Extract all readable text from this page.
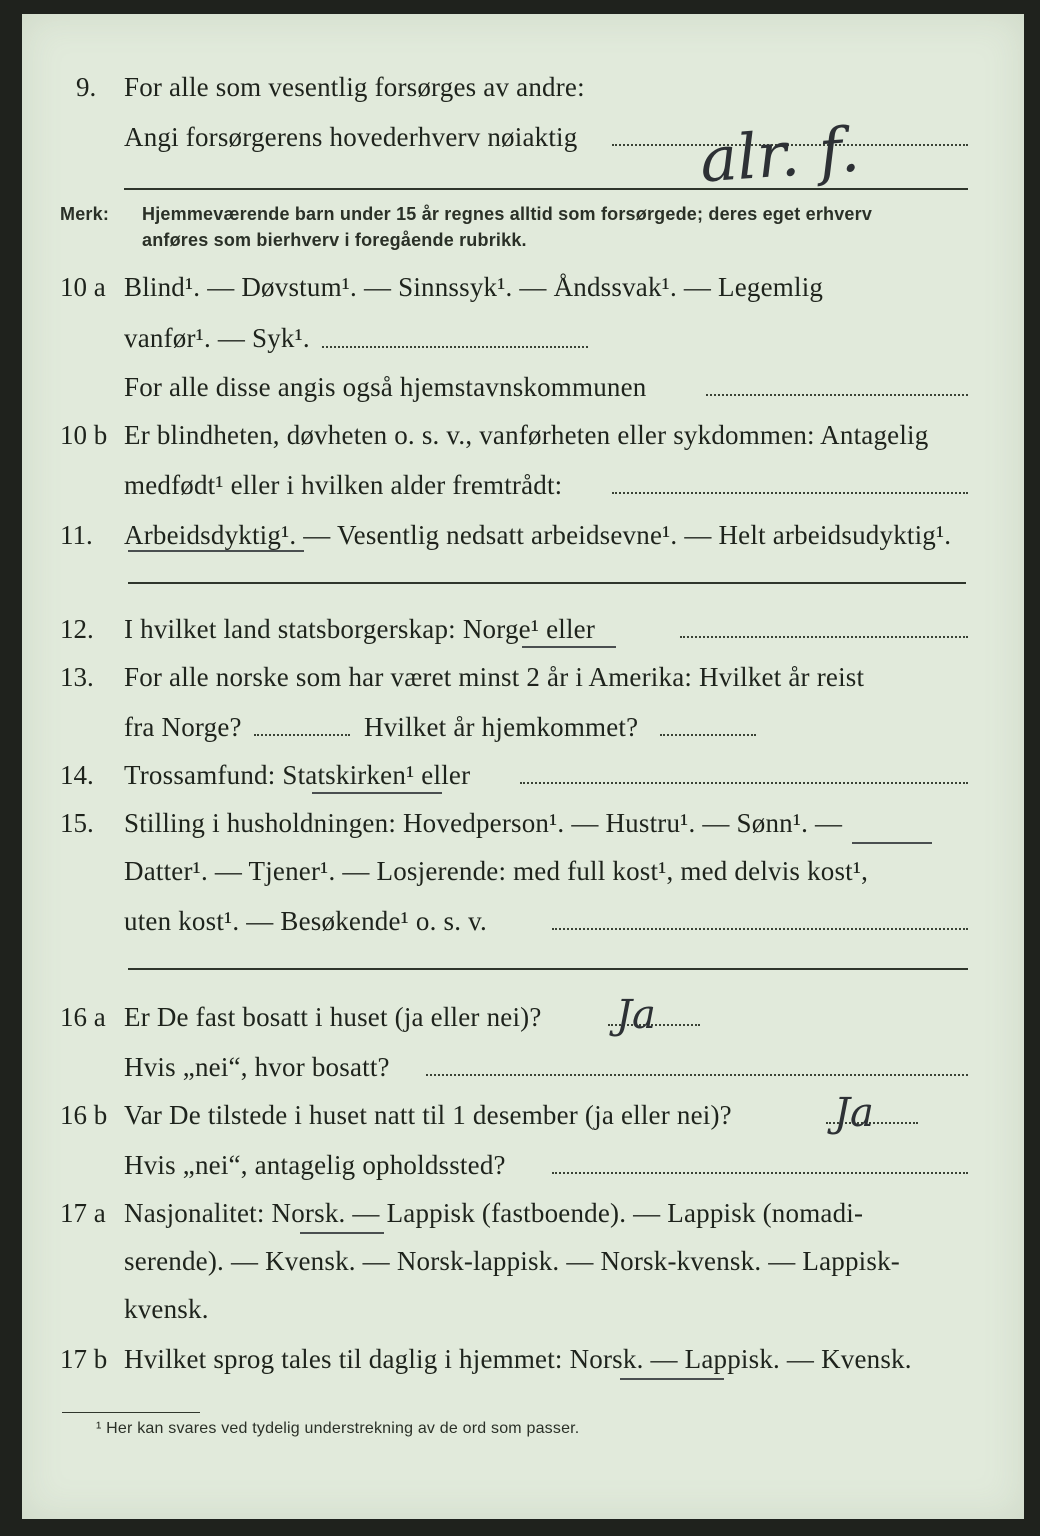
9. For alle som vesentlig forsørges av andre:
Angi forsørgerens hovederhverv nøiaktig alr. f.
Merk: Hjemmeværende barn under 15 år regnes alltid som forsørgede; deres eget erhverv
anføres som bierhverv i foregående rubrikk.
10 a Blind¹. — Døvstum¹. — Sinnssyk¹. — Åndssvak¹. — Legemlig
vanfør¹. — Syk¹.
For alle disse angis også hjemstavnskommunen
10 b Er blindheten, døvheten o. s. v., vanførheten eller sykdommen: Antagelig
medfødt¹ eller i hvilken alder fremtrådt:
11. Arbeidsdyktig¹. — Vesentlig nedsatt arbeidsevne¹. — Helt arbeidsudyktig¹.
12. I hvilket land statsborgerskap: Norge¹ eller
13. For alle norske som har været minst 2 år i Amerika: Hvilket år reist
fra Norge?	Hvilket år hjemkommet?
14. Trossamfund: Statskirken¹ eller
15. Stilling i husholdningen: Hovedperson¹. — Hustru¹. — Sønn¹. —
Datter¹. — Tjener¹. — Losjerende: med full kost¹, med delvis kost¹,
uten kost¹. — Besøkende¹ o. s. v.
16 a Er De fast bosatt i huset (ja eller nei)? Ja
Hvis „nei“, hvor bosatt?
16 b Var De tilstede i huset natt til 1 desember (ja eller nei)?	Ja
Hvis „nei“, antagelig opholdssted?
17 a Nasjonalitet: Norsk. — Lappisk (fastboende). — Lappisk (nomadi-
serende). — Kvensk. — Norsk-lappisk. — Norsk-kvensk. — Lappisk-
kvensk.
17 b Hvilket sprog tales til daglig i hjemmet: Norsk. — Lappisk. — Kvensk.
¹ Her kan svares ved tydelig understrekning av de ord som passer.
